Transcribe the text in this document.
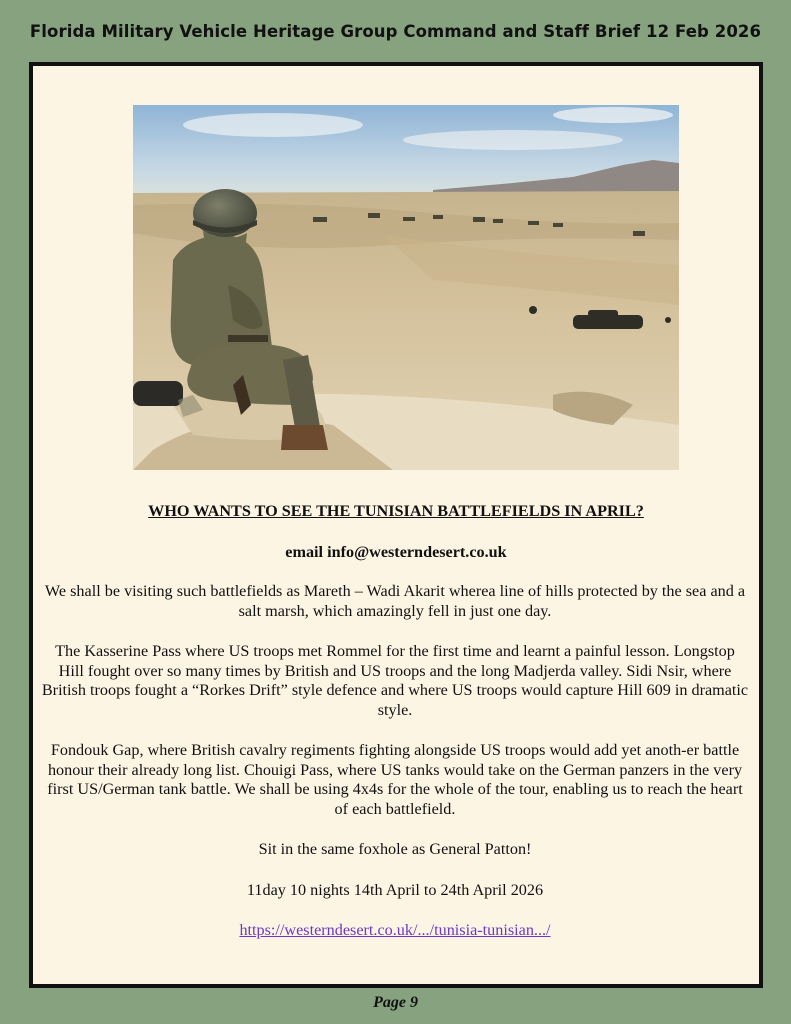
Florida Military Vehicle Heritage Group Command and Staff Brief 12 Feb 2026

WHO WANTS TO SEE THE TUNISIAN BATTLEFIELDS IN APRIL?

email info@westerndesert.co.uk

We shall be visiting such battlefields as Mareth – Wadi Akarit wherea line of hills protected by the sea and a salt marsh, which amazingly fell in just one day.

The Kasserine Pass where US troops met Rommel for the first time and learnt a painful lesson. Longstop Hill fought over so many times by British and US troops and the long Madjerda valley. Sidi Nsir, where British troops fought a “Rorkes Drift” style defence and where US troops would capture Hill 609 in dramatic style.

Fondouk Gap, where British cavalry regiments fighting alongside US troops would add yet anoth-er battle honour their already long list. Chouigi Pass, where US tanks would take on the German panzers in the very first US/German tank battle. We shall be using 4x4s for the whole of the tour, enabling us to reach the heart of each battlefield.

Sit in the same foxhole as General Patton!

11day 10 nights 14th April to 24th April 2026

https://westerndesert.co.uk/.../tunisia-tunisian.../

Page 9
